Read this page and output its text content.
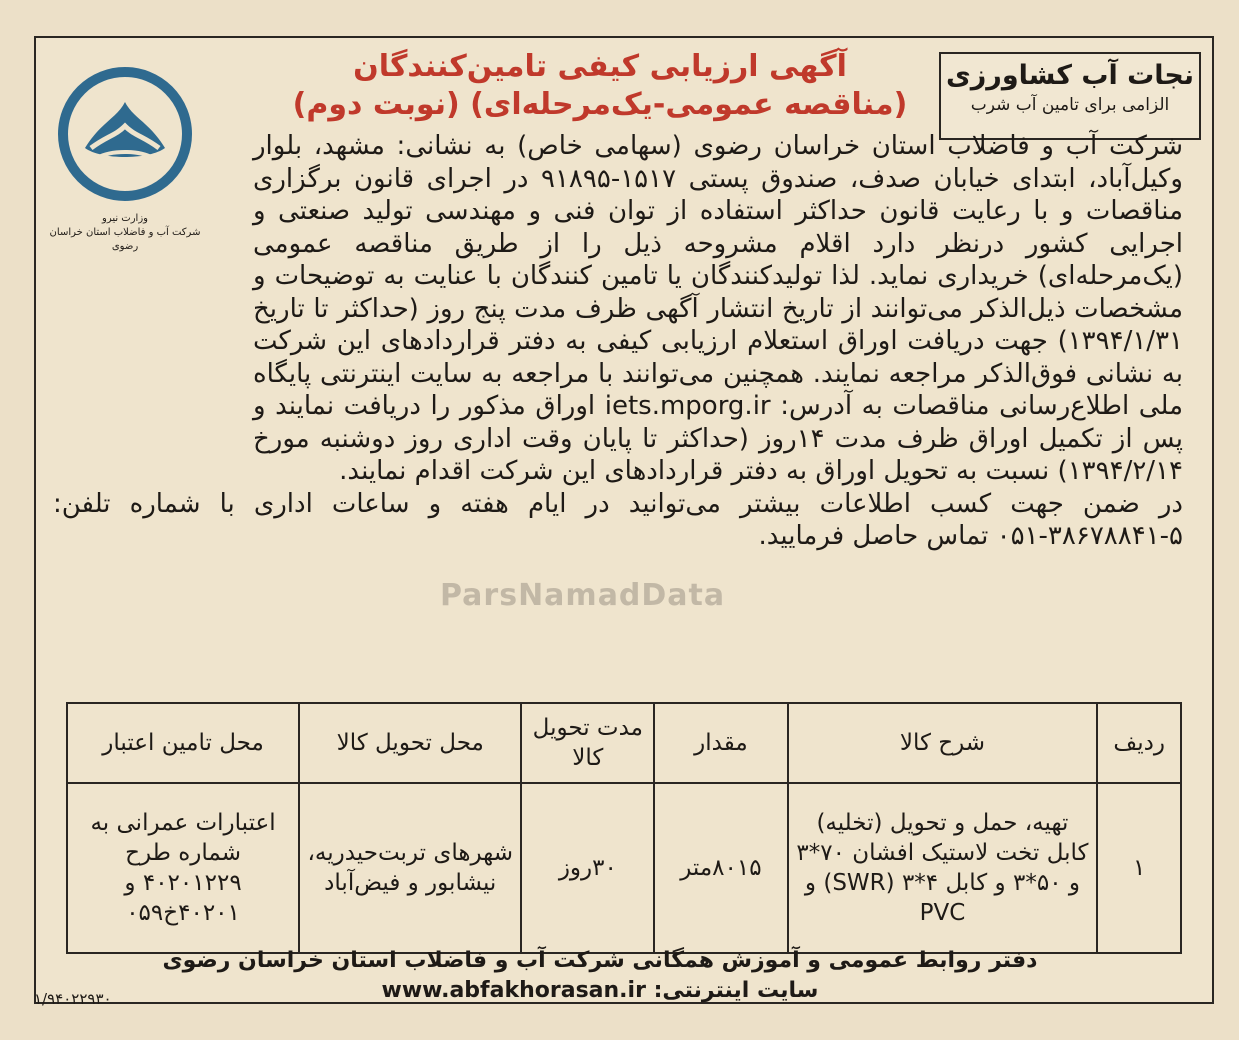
آگهی ارزیابی کیفی تامین‌کنندگان
(مناقصه عمومی-یک‌مرحله‌ای) (نوبت دوم)
نجات آب کشاورزی
الزامی برای تامین آب شرب
وزارت نیرو
شرکت آب و فاضلاب استان خراسان رضوی
ParsNamadData

شرکت آب و فاضلاب استان خراسان رضوی (سهامی خاص) به نشانی: مشهد، بلوار وکیل‌آباد، ابتدای خیابان صدف، صندوق پستی ۱۵۱۷-۹۱۸۹۵ در اجرای قانون برگزاری مناقصات و با رعایت قانون حداکثر استفاده از توان فنی و مهندسی تولید صنعتی و اجرایی کشور درنظر دارد اقلام مشروحه ذیل را از طریق مناقصه عمومی (یک‌مرحله‌ای) خریداری نماید. لذا تولیدکنندگان یا تامین کنندگان با عنایت به توضیحات و مشخصات ذیل‌الذکر می‌توانند از تاریخ انتشار آگهی ظرف مدت پنج روز (حداکثر تا تاریخ ۱۳۹۴/۱/۳۱) جهت دریافت اوراق استعلام ارزیابی کیفی به دفتر قراردادهای این شرکت به نشانی فوق‌الذکر مراجعه نمایند. همچنین می‌توانند با مراجعه به سایت اینترنتی پایگاه ملی اطلاع‌رسانی مناقصات به آدرس: iets.mporg.ir اوراق مذکور را دریافت نمایند و پس از تکمیل اوراق ظرف مدت ۱۴روز (حداکثر تا پایان وقت اداری روز دوشنبه مورخ ۱۳۹۴/۲/۱۴) نسبت به تحویل اوراق به دفتر قراردادهای این شرکت اقدام نمایند.

در ضمن جهت کسب اطلاعات بیشتر می‌توانید در ایام هفته و ساعات اداری با شماره تلفن: ۵-۳۸۶۷۸۸۴۱-۰۵۱ تماس حاصل فرمایید.

ردیف	شرح کالا	مقدار	مدت تحویل کالا	محل تحویل کالا	محل تامین اعتبار
۱	تهیه، حمل و تحویل (تخلیه) کابل تخت لاستیک افشان ۷۰*۳ و ۵۰*۳ و کابل ۴*۳ (SWR) و PVC	۸۰۱۵متر	۳۰روز	شهرهای تربت‌حیدریه، نیشابور و فیض‌آباد	اعتبارات عمرانی به شماره طرح ۴۰۲۰۱۲۲۹ و ۴۰۲۰۱خ۰۵۹
دفتر روابط عمومی و آموزش همگانی شرکت آب و فاضلاب استان خراسان رضوی
سایت اینترنتی: www.abfakhorasan.ir
۱/۹۴۰۲۲۹۳۰
